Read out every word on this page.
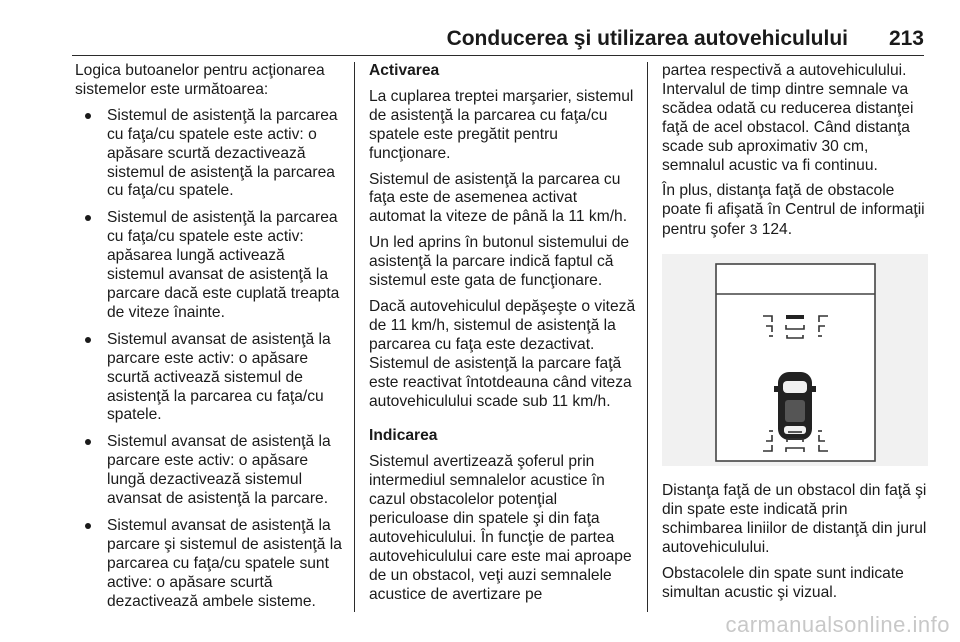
Conducerea şi utilizarea autovehiculului 213

Logica butoanelor pentru acţionarea sistemelor este următoarea:

Sistemul de asistenţă la parcarea cu faţa/cu spatele este activ: o apăsare scurtă dezactivează sistemul de asistenţă la parcarea cu faţa/cu spatele.
Sistemul de asistenţă la parcarea cu faţa/cu spatele este activ: apăsarea lungă activează sistemul avansat de asistenţă la parcare dacă este cuplată treapta de viteze înainte.
Sistemul avansat de asistenţă la parcare este activ: o apăsare scurtă activează sistemul de asistenţă la parcarea cu faţa/cu spatele.
Sistemul avansat de asistenţă la parcare este activ: o apăsare lungă dezactivează sistemul avansat de asistenţă la parcare.
Sistemul avansat de asistenţă la parcare şi sistemul de asistenţă la parcarea cu faţa/cu spatele sunt active: o apăsare scurtă dezactivează ambele sisteme.

Activarea

La cuplarea treptei marşarier, sistemul de asistenţă la parcarea cu faţa/cu spatele este pregătit pentru funcţionare.

Sistemul de asistenţă la parcarea cu faţa este de asemenea activat automat la viteze de până la 11 km/h.

Un led aprins în butonul sistemului de asistenţă la parcare indică faptul că sistemul este gata de funcţionare.

Dacă autovehiculul depăşeşte o viteză de 11 km/h, sistemul de asistenţă la parcarea cu faţa este dezactivat. Sistemul de asistenţă la parcare faţă este reactivat întotdeauna când viteza autovehiculului scade sub 11 km/h.

Indicarea

Sistemul avertizează şoferul prin intermediul semnalelor acustice în cazul obstacolelor potenţial periculoase din spatele şi din faţa autovehiculului. În funcţie de partea autovehiculului care este mai aproape de un obstacol, veţi auzi semnalele acustice de avertizare pe

partea respectivă a autovehiculului. Intervalul de timp dintre semnale va scădea odată cu reducerea distanţei faţă de acel obstacol. Când distanţa scade sub aproximativ 30 cm, semnalul acustic va fi continuu.

În plus, distanţa faţă de obstacole poate fi afişată în Centrul de informaţii pentru şofer 3 124.

Distanţa faţă de un obstacol din faţă şi din spate este indicată prin schimbarea liniilor de distanţă din jurul autovehiculului.

Obstacolele din spate sunt indicate simultan acustic şi vizual.

carmanualsonline.info
